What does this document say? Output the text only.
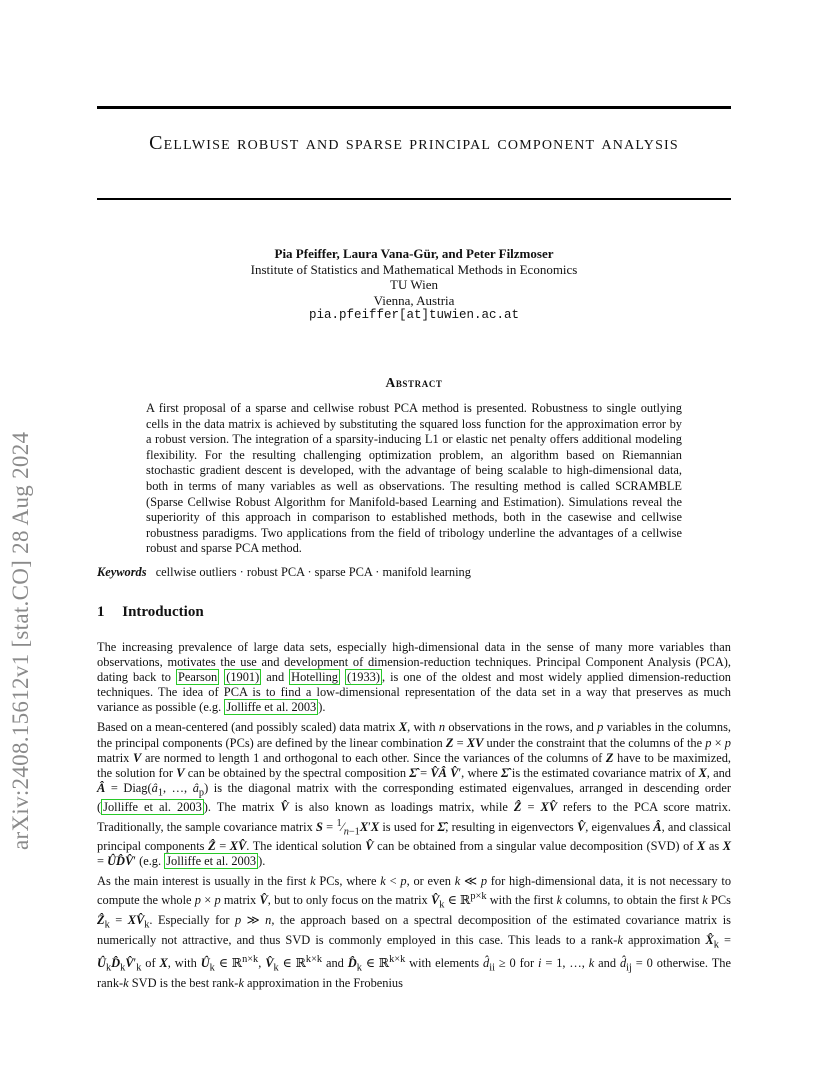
arXiv:2408.15612v1 [stat.CO] 28 Aug 2024
Cellwise robust and sparse principal component analysis
Pia Pfeiffer, Laura Vana-Gür, and Peter Filzmoser
Institute of Statistics and Mathematical Methods in Economics
TU Wien
Vienna, Austria
pia.pfeiffer[at]tuwien.ac.at
Abstract
A first proposal of a sparse and cellwise robust PCA method is presented. Robustness to single outlying cells in the data matrix is achieved by substituting the squared loss function for the approximation error by a robust version. The integration of a sparsity-inducing L1 or elastic net penalty offers additional modeling flexibility. For the resulting challenging optimization problem, an algorithm based on Riemannian stochastic gradient descent is developed, with the advantage of being scalable to high-dimensional data, both in terms of many variables as well as observations. The resulting method is called SCRAMBLE (Sparse Cellwise Robust Algorithm for Manifold-based Learning and Estimation). Simulations reveal the superiority of this approach in comparison to established methods, both in the casewise and cellwise robustness paradigms. Two applications from the field of tribology underline the advantages of a cellwise robust and sparse PCA method.
Keywords cellwise outliers · robust PCA · sparse PCA · manifold learning
1 Introduction

The increasing prevalence of large data sets, especially high-dimensional data in the sense of many more variables than observations, motivates the use and development of dimension-reduction techniques. Principal Component Analysis (PCA), dating back to Pearson (1901) and Hotelling (1933) , is one of the oldest and most widely applied dimension-reduction techniques. The idea of PCA is to find a low-dimensional representation of the data set in a way that preserves as much variance as possible (e.g. Jolliffe et al. 2003 ).

Based on a mean-centered (and possibly scaled) data matrix X, with n observations in the rows, and p variables in the columns, the principal components (PCs) are defined by the linear combination Z = XV under the constraint that the columns of the p × p matrix V are normed to length 1 and orthogonal to each other. Since the variances of the columns of Z have to be maximized, the solution for V can be obtained by the spectral composition Σ̂ = V̂Â V̂′, where Σ̂ is the estimated covariance matrix of X, and Â = $Diag(â_1$, …, $â_p$) is the diagonal matrix with the corresponding estimated eigenvalues, arranged in descending order ( Jolliffe et al. 2003 ). The matrix V̂ is also known as loadings matrix, while Ẑ = XV̂ refers to the PCA score matrix. Traditionally, the sample covariance matrix $S = ^1⁄_{n-1}X'X$ is used for Σ̂, resulting in eigenvectors V̂, eigenvalues Â, and classical principal components Ẑ = XV̂. The identical solution V̂ can be obtained from a singular value decomposition (SVD) of X as X = ÛD̂V̂′ (e.g. Jolliffe et al. 2003 ).

As the main interest is usually in the first k PCs, where k < p, or even k ≪ p for high-dimensional data, it is not necessary to compute the whole p × p matrix V̂, but to only focus on the matrix $V̂_k$ ∈ ℝ$^{p\times k}$ with the first k columns, to obtain the first k PCs Ẑ$_k$ = $XV̂_k$. Especially for p ≫ n, the approach based on a spectral decomposition of the estimated covariance matrix is numerically not attractive, and thus SVD is commonly employed in this case. This leads to a rank-k approximation $X̂_k$ = $Û_kD̂_kV̂'_k$ of X, with $Û_k$ ∈ ℝ$^{n\times k}$, $V̂_k$ ∈ ℝ$^{k\times k}$ and $D̂_k$ ∈ ℝ$^{k\times k}$ with elements $d̂_{ii} \ge 0$ for i = 1, …, k and $d̂_{ij} = 0$ otherwise. The rank-k SVD is the best rank-k approximation in the Frobenius
